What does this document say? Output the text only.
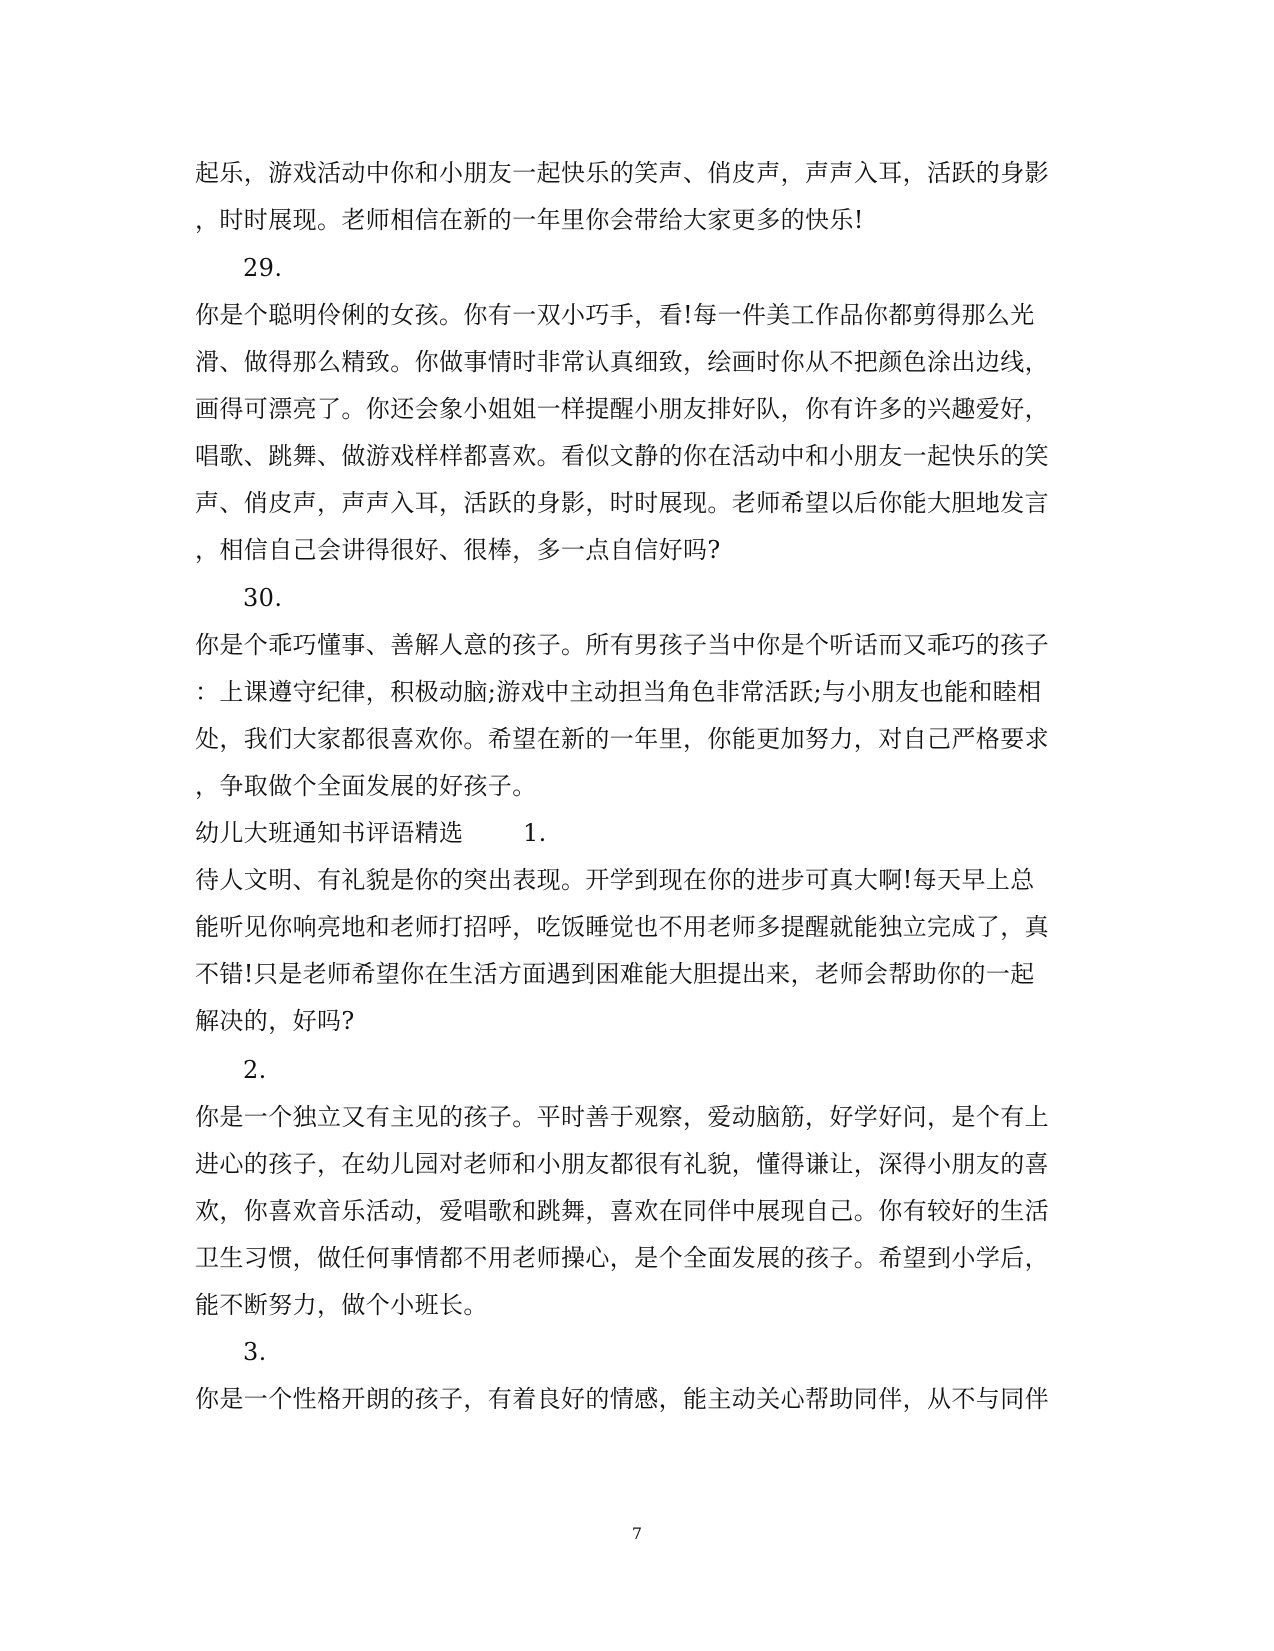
起乐，游戏活动中你和小朋友一起快乐的笑声、俏皮声，声声入耳，活跃的身影
，时时展现。老师相信在新的一年里你会带给大家更多的快乐!
29.
你是个聪明伶俐的女孩。你有一双小巧手，看!每一件美工作品你都剪得那么光
滑、做得那么精致。你做事情时非常认真细致，绘画时你从不把颜色涂出边线，
画得可漂亮了。你还会象小姐姐一样提醒小朋友排好队，你有许多的兴趣爱好，
唱歌、跳舞、做游戏样样都喜欢。看似文静的你在活动中和小朋友一起快乐的笑
声、俏皮声，声声入耳，活跃的身影，时时展现。老师希望以后你能大胆地发言
，相信自己会讲得很好、很棒，多一点自信好吗?
30.
你是个乖巧懂事、善解人意的孩子。所有男孩子当中你是个听话而又乖巧的孩子
：上课遵守纪律，积极动脑;游戏中主动担当角色非常活跃;与小朋友也能和睦相
处，我们大家都很喜欢你。希望在新的一年里，你能更加努力，对自己严格要求
，争取做个全面发展的好孩子。
幼儿大班通知书评语精选 1.
待人文明、有礼貌是你的突出表现。开学到现在你的进步可真大啊!每天早上总
能听见你响亮地和老师打招呼，吃饭睡觉也不用老师多提醒就能独立完成了，真
不错!只是老师希望你在生活方面遇到困难能大胆提出来，老师会帮助你的一起
解决的，好吗?
2.
你是一个独立又有主见的孩子。平时善于观察，爱动脑筋，好学好问，是个有上
进心的孩子，在幼儿园对老师和小朋友都很有礼貌，懂得谦让，深得小朋友的喜
欢，你喜欢音乐活动，爱唱歌和跳舞，喜欢在同伴中展现自己。你有较好的生活
卫生习惯，做任何事情都不用老师操心，是个全面发展的孩子。希望到小学后，
能不断努力，做个小班长。
3.
你是一个性格开朗的孩子，有着良好的情感，能主动关心帮助同伴，从不与同伴
7
